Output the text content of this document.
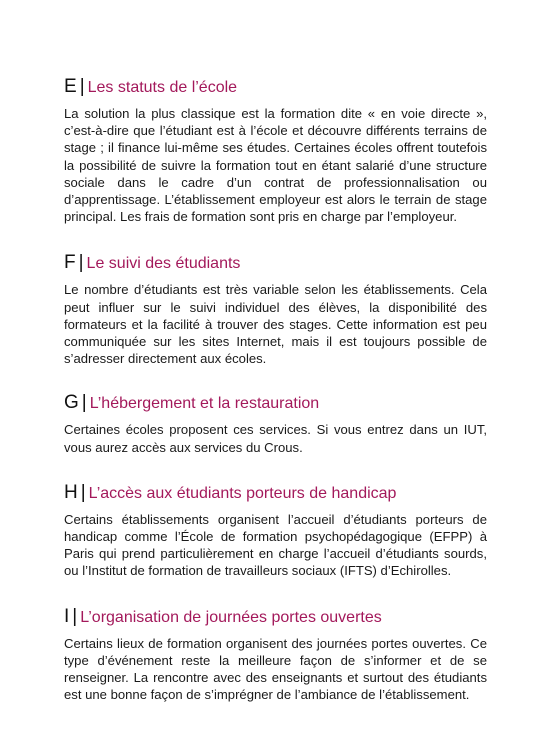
E | Les statuts de l’école

La solution la plus classique est la formation dite « en voie directe », c’est-à-dire que l’étudiant est à l’école et découvre différents terrains de stage ; il finance lui-même ses études. Certaines écoles offrent toutefois la possibilité de suivre la formation tout en étant salarié d’une structure sociale dans le cadre d’un contrat de professionnalisation ou d’apprentissage. L’établissement employeur est alors le terrain de stage principal. Les frais de formation sont pris en charge par l’employeur.

F | Le suivi des étudiants

Le nombre d’étudiants est très variable selon les établissements. Cela peut influer sur le suivi individuel des élèves, la disponibilité des formateurs et la facilité à trouver des stages. Cette information est peu communiquée sur les sites Internet, mais il est toujours possible de s’adresser directement aux écoles.

G | L’hébergement et la restauration

Certaines écoles proposent ces services. Si vous entrez dans un IUT, vous aurez accès aux services du Crous.

H | L’accès aux étudiants porteurs de handicap

Certains établissements organisent l’accueil d’étudiants porteurs de handicap comme l’École de formation psychopédagogique (EFPP) à Paris qui prend particulièrement en charge l’accueil d’étudiants sourds, ou l’Institut de formation de travailleurs sociaux (IFTS) d’Echirolles.

I | L’organisation de journées portes ouvertes

Certains lieux de formation organisent des journées portes ouvertes. Ce type d’événement reste la meilleure façon de s’informer et de se renseigner. La rencontre avec des enseignants et surtout des étudiants est une bonne façon de s’imprégner de l’ambiance de l’établissement.
